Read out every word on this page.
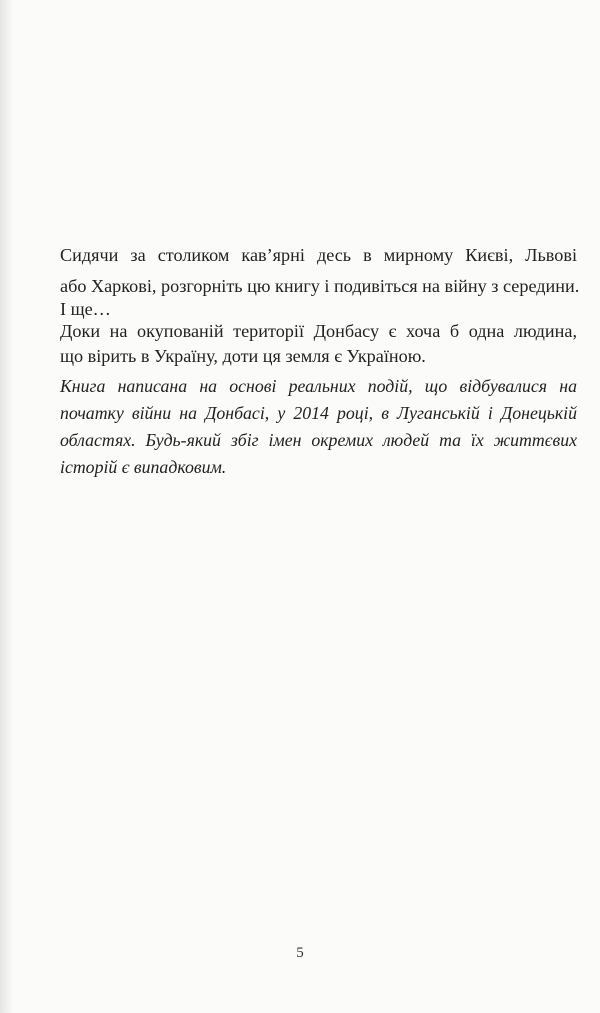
Сидячи за столиком кав’ярні десь в мирному Києві, Львові

або Харкові, розгорніть цю книгу і подивіться на війну з середини.

І ще…

Доки на окупованій території Донбасу є хоча б одна людина,

що вірить в Україну, доти ця земля є Україною.

Книга написана на основі реальних подій, що відбувалися на

початку війни на Донбасі, у 2014 році, в Луганській і Донецькій

областях. Будь-який збіг імен окремих людей та їх життєвих

історій є випадковим.

5
